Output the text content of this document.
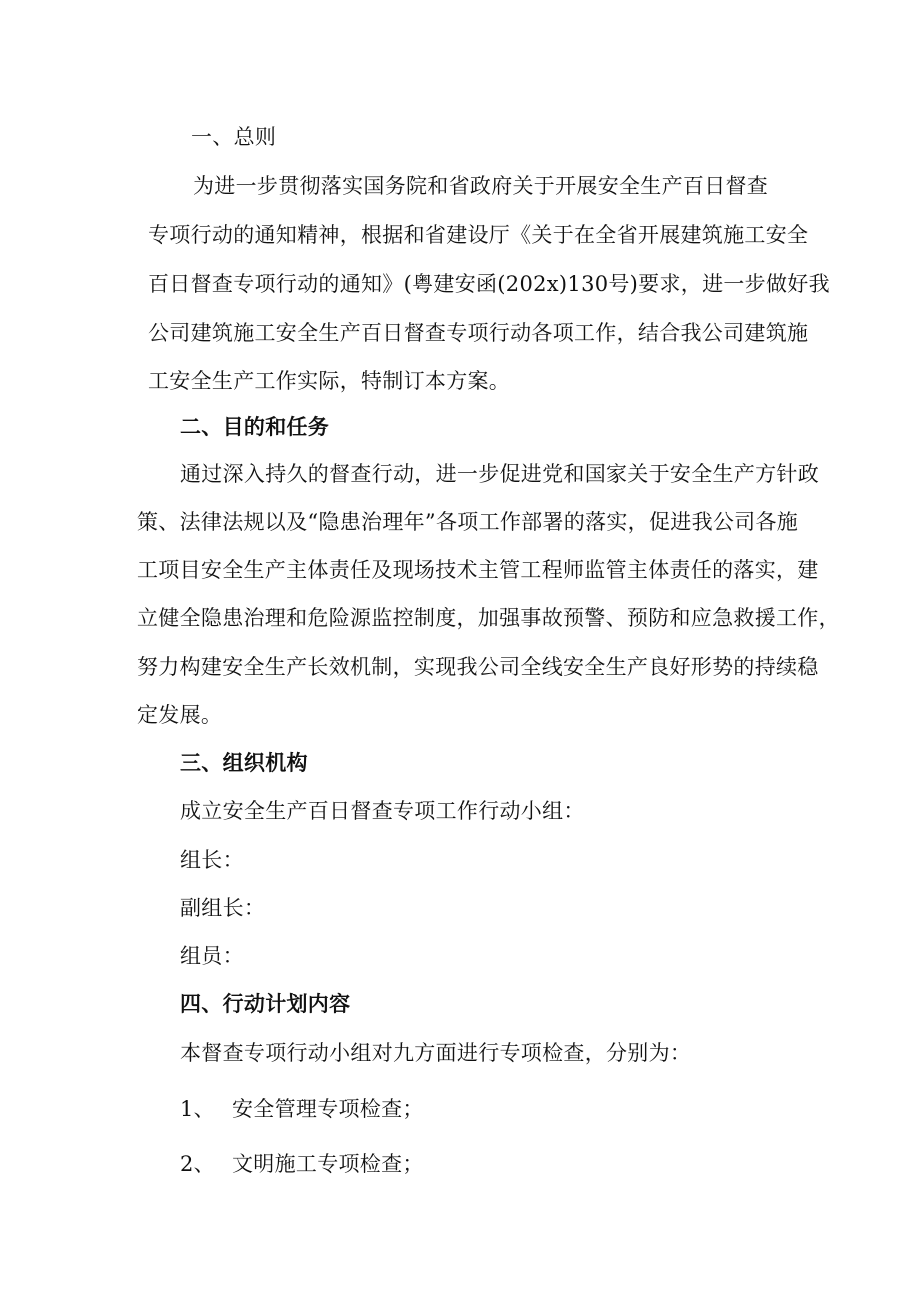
一、总则
为进一步贯彻落实国务院和省政府关于开展安全生产百日督查
专项行动的通知精神，根据和省建设厅《关于在全省开展建筑施工安全
百日督查专项行动的通知》(粤建安函(202x)130号)要求，进一步做好我
公司建筑施工安全生产百日督查专项行动各项工作，结合我公司建筑施
工安全生产工作实际，特制订本方案。
二、目的和任务
通过深入持久的督查行动，进一步促进党和国家关于安全生产方针政
策、法律法规以及“隐患治理年”各项工作部署的落实，促进我公司各施
工项目安全生产主体责任及现场技术主管工程师监管主体责任的落实，建
立健全隐患治理和危险源监控制度，加强事故预警、预防和应急救援工作，
努力构建安全生产长效机制，实现我公司全线安全生产良好形势的持续稳
定发展。
三、组织机构
成立安全生产百日督查专项工作行动小组：
组长：
副组长：
组员：
四、行动计划内容
本督查专项行动小组对九方面进行专项检查，分别为：
1、 安全管理专项检查；
2、 文明施工专项检查；
